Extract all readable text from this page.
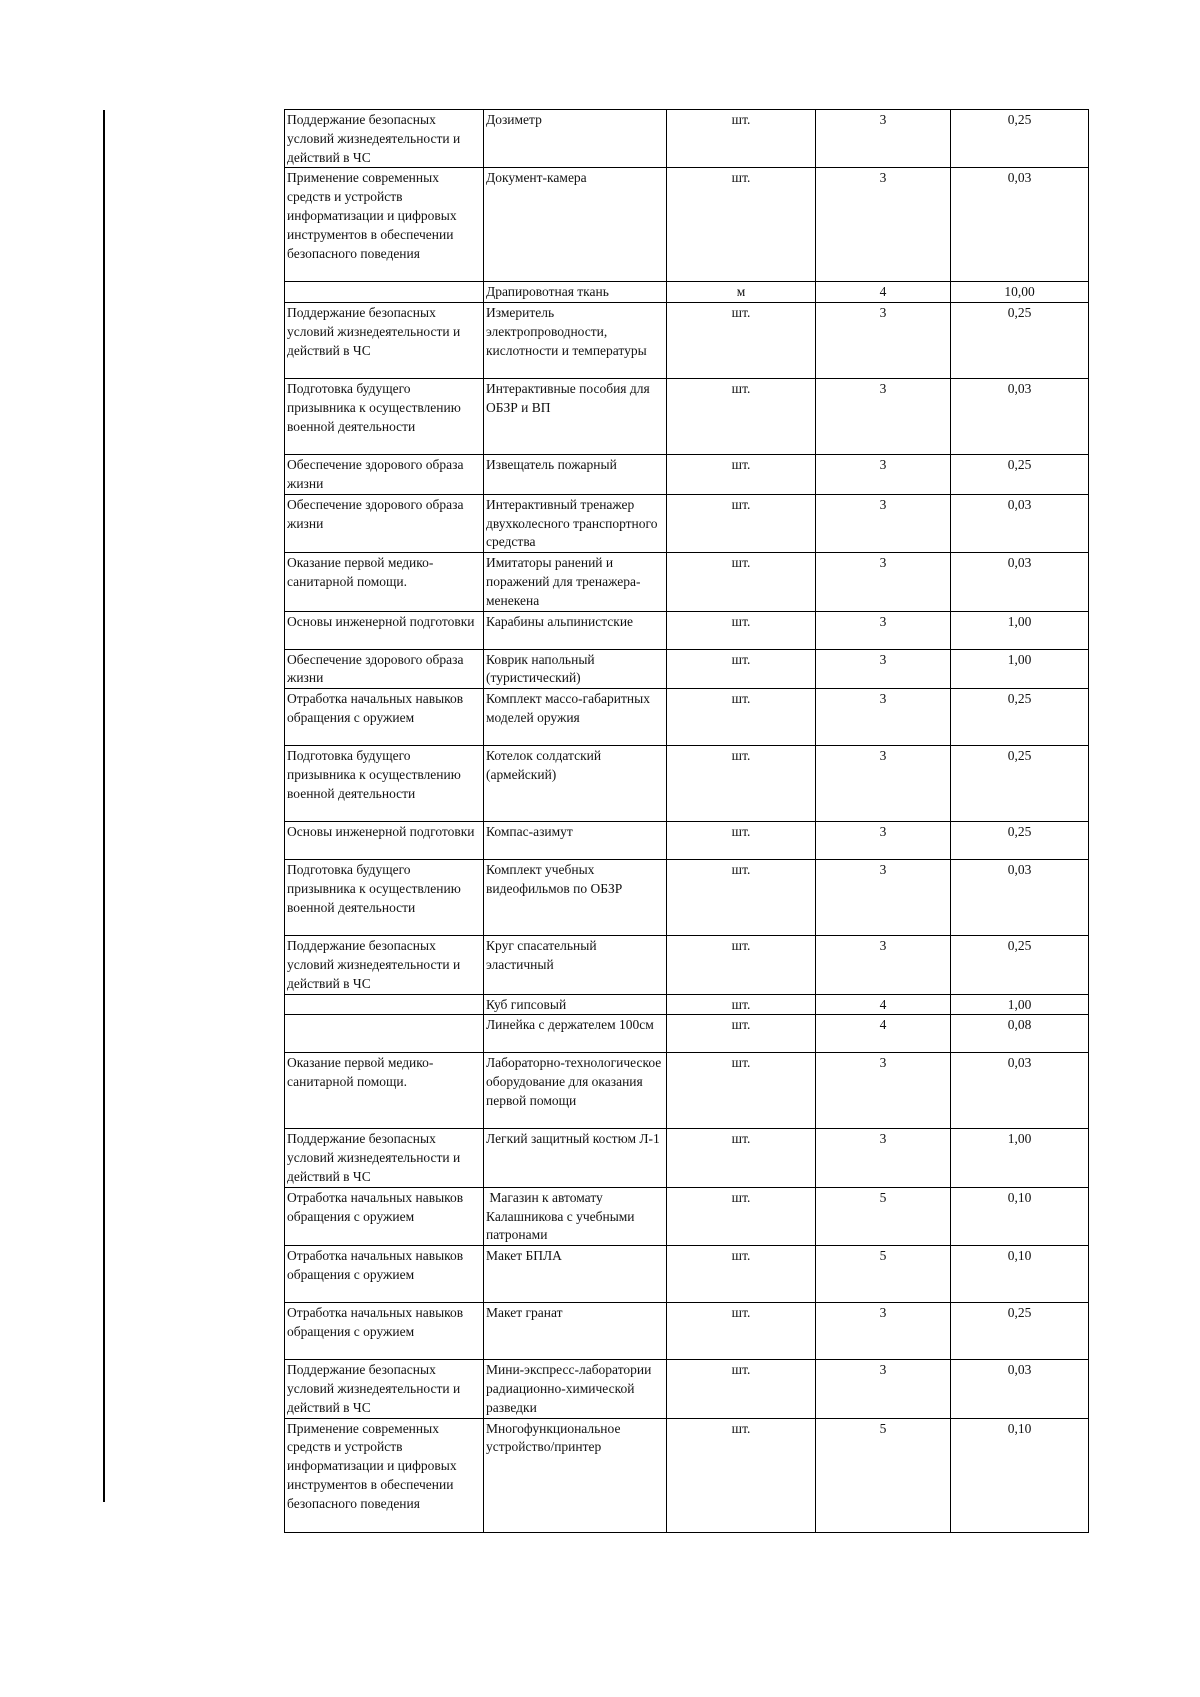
Поддержание безопасных условий жизнедеятельности и действий в ЧС	Дозиметр	шт.	3	0,25

Применение современных средств и устройств информатизации и цифровых инструментов в обеспечении безопасного поведения	Документ-камера	шт.	3	0,03

	Драпировотная ткань	м	4	10,00

Поддержание безопасных условий жизнедеятельности и действий в ЧС	Измеритель электропроводности, кислотности и температуры	шт.	3	0,25

Подготовка будущего призывника к осуществлению военной деятельности	Интерактивные пособия для ОБЗР и ВП	шт.	3	0,03

Обеспечение здорового образа жизни	Извещатель пожарный	шт.	3	0,25

Обеспечение здорового образа жизни	Интерактивный тренажер двухколесного транспортного средства	шт.	3	0,03

Оказание первой медико-санитарной помощи.	Имитаторы ранений и поражений для тренажера-менекена	шт.	3	0,03

Основы инженерной подготовки	Карабины альпинистские	шт.	3	1,00

Обеспечение здорового образа жизни	Коврик напольный (туристический)	шт.	3	1,00

Отработка начальных навыков обращения с оружием	Комплект массо-габаритных моделей оружия	шт.	3	0,25

Подготовка будущего призывника к осуществлению военной деятельности	Котелок солдатский (армейский)	шт.	3	0,25

Основы инженерной подготовки	Компас-азимут	шт.	3	0,25

Подготовка будущего призывника к осуществлению военной деятельности	Комплект учебных видеофильмов по ОБЗР	шт.	3	0,03

Поддержание безопасных условий жизнедеятельности и действий в ЧС	Круг спасательный эластичный	шт.	3	0,25

	Куб гипсовый	шт.	4	1,00

	Линейка с держателем 100см	шт.	4	0,08

Оказание первой медико-санитарной помощи.	Лабораторно-технологическое оборудование для оказания первой помощи	шт.	3	0,03

Поддержание безопасных условий жизнедеятельности и действий в ЧС	Легкий защитный костюм Л-1	шт.	3	1,00

Отработка начальных навыков обращения с оружием	Магазин к автомату Калашникова с учебными патронами	шт.	5	0,10

Отработка начальных навыков обращения с оружием	Макет БПЛА	шт.	5	0,10

Отработка начальных навыков обращения с оружием	Макет гранат	шт.	3	0,25

Поддержание безопасных условий жизнедеятельности и действий в ЧС	Мини-экспресс-лаборатории радиационно-химической разведки	шт.	3	0,03

Применение современных средств и устройств информатизации и цифровых инструментов в обеспечении безопасного поведения	Многофункциональное устройство/принтер	шт.	5	0,10
